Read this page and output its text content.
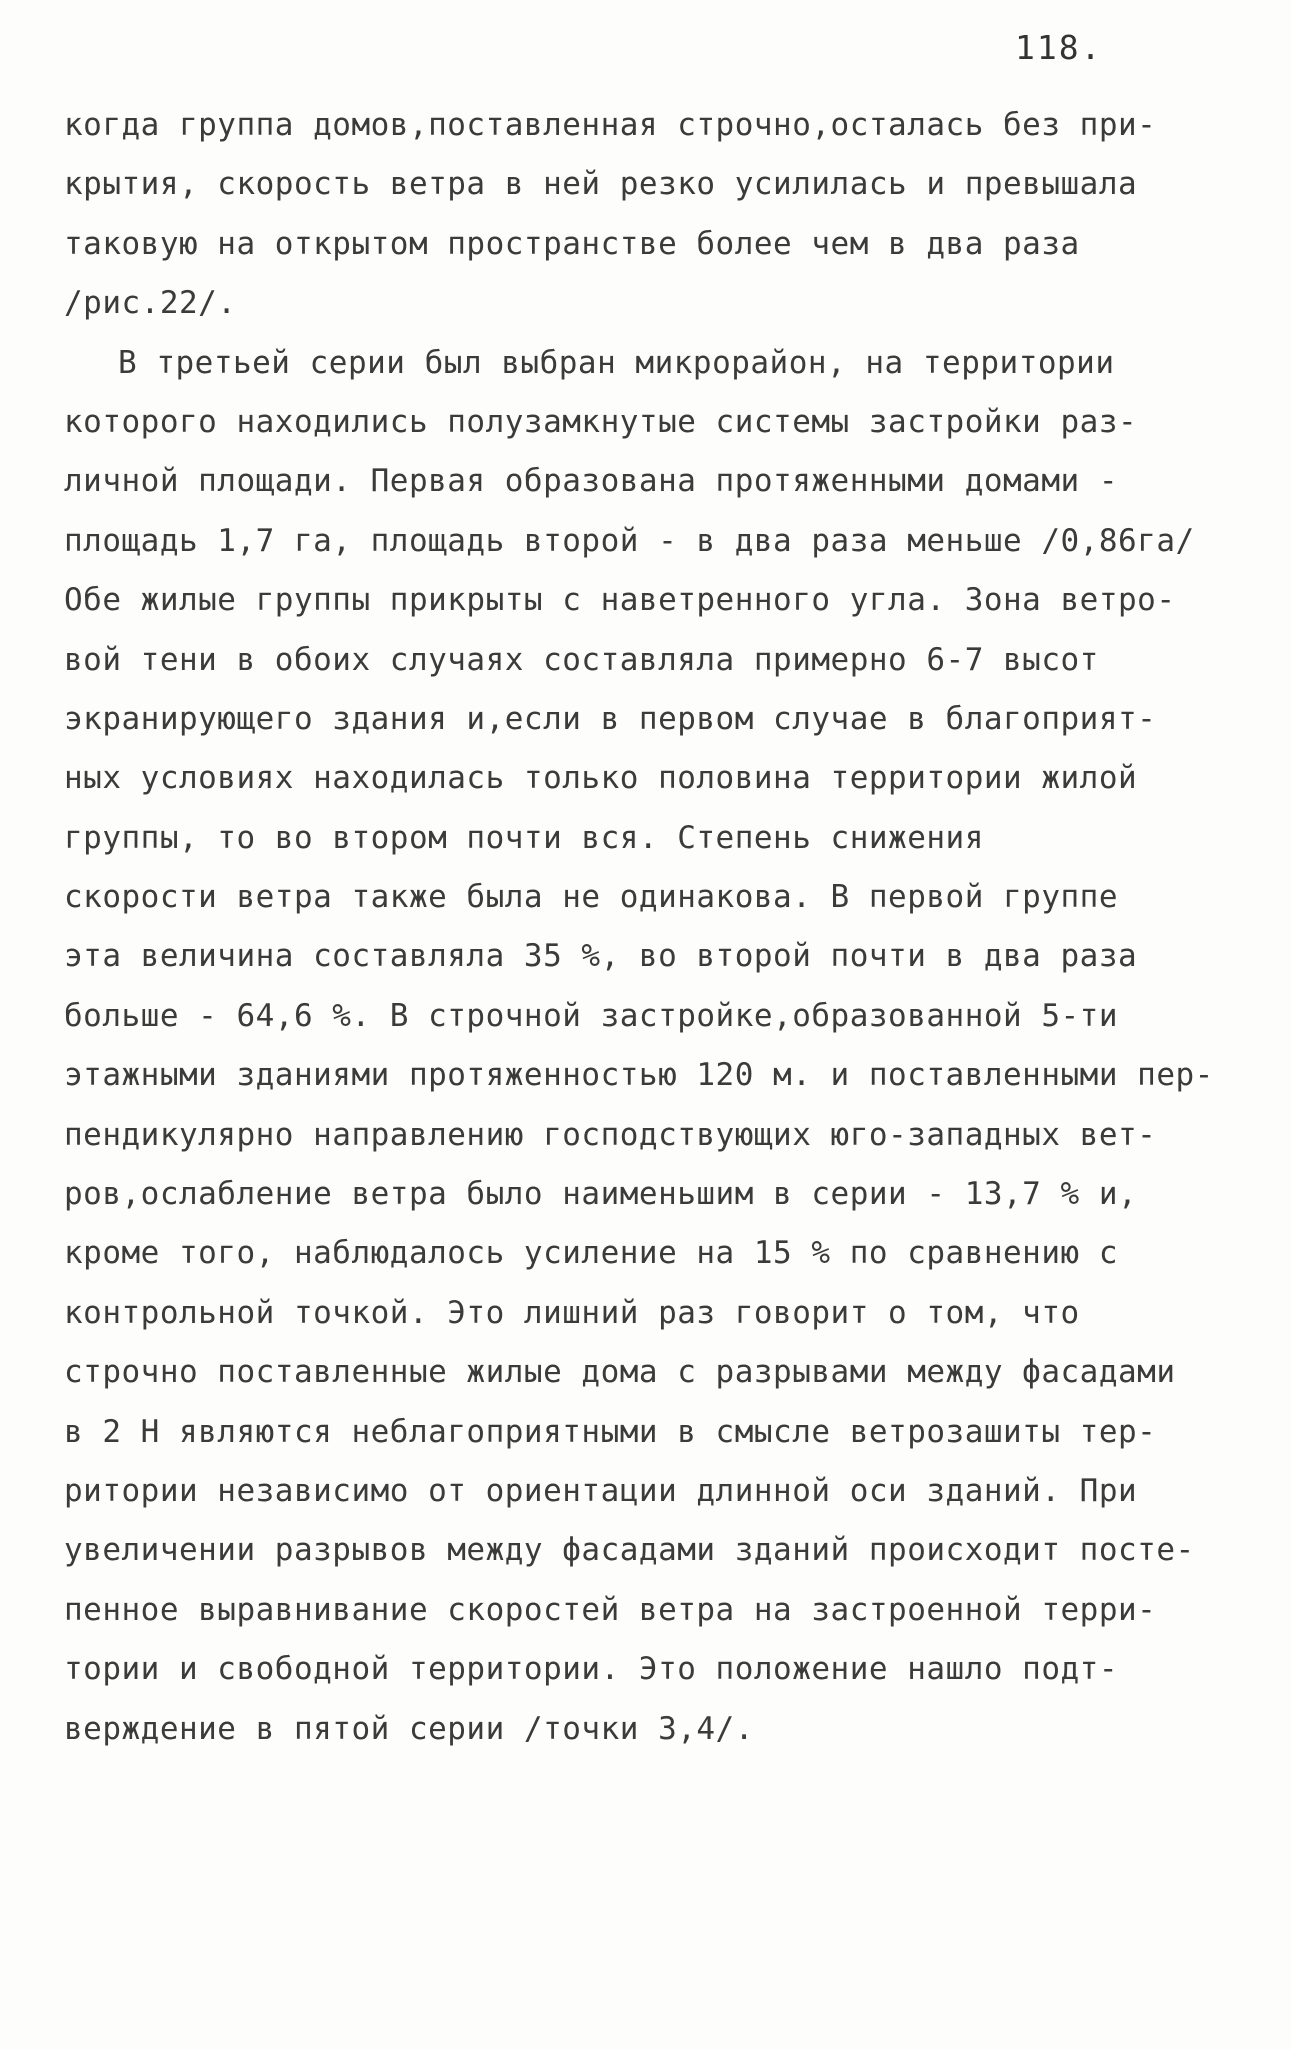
118.
когда группа домов,поставленная строчно,осталась без при-
крытия, скорость ветра в ней резко усилилась и превышала
таковую на открытом пространстве более чем в два раза
/рис.22/.
В третьей серии был выбран микрорайон, на территории
которого находились полузамкнутые системы застройки раз-
личной площади. Первая образована протяженными домами -
площадь 1,7 га, площадь второй - в два раза меньше /0,86га/
Обе жилые группы прикрыты с наветренного угла. Зона ветро-
вой тени в обоих случаях составляла примерно 6-7 высот
экранирующего здания и,если в первом случае в благоприят-
ных условиях находилась только половина территории жилой
группы, то во втором почти вся. Степень снижения
скорости ветра также была не одинакова. В первой группе
эта величина составляла 35 %, во второй почти в два раза
больше - 64,6 %. В строчной застройке,образованной 5-ти
этажными зданиями протяженностью 120 м. и поставленными пер-
пендикулярно направлению господствующих юго-западных вет-
ров,ослабление ветра было наименьшим в серии - 13,7 % и,
кроме того, наблюдалось усиление на 15 % по сравнению с
контрольной точкой. Это лишний раз говорит о том, что
строчно поставленные жилые дома с разрывами между фасадами
в 2 Н являются неблагоприятными в смысле ветрозашиты тер-
ритории независимо от ориентации длинной оси зданий. При
увеличении разрывов между фасадами зданий происходит посте-
пенное выравнивание скоростей ветра на застроенной терри-
тории и свободной территории. Это положение нашло подт-
верждение в пятой серии /точки 3,4/.
